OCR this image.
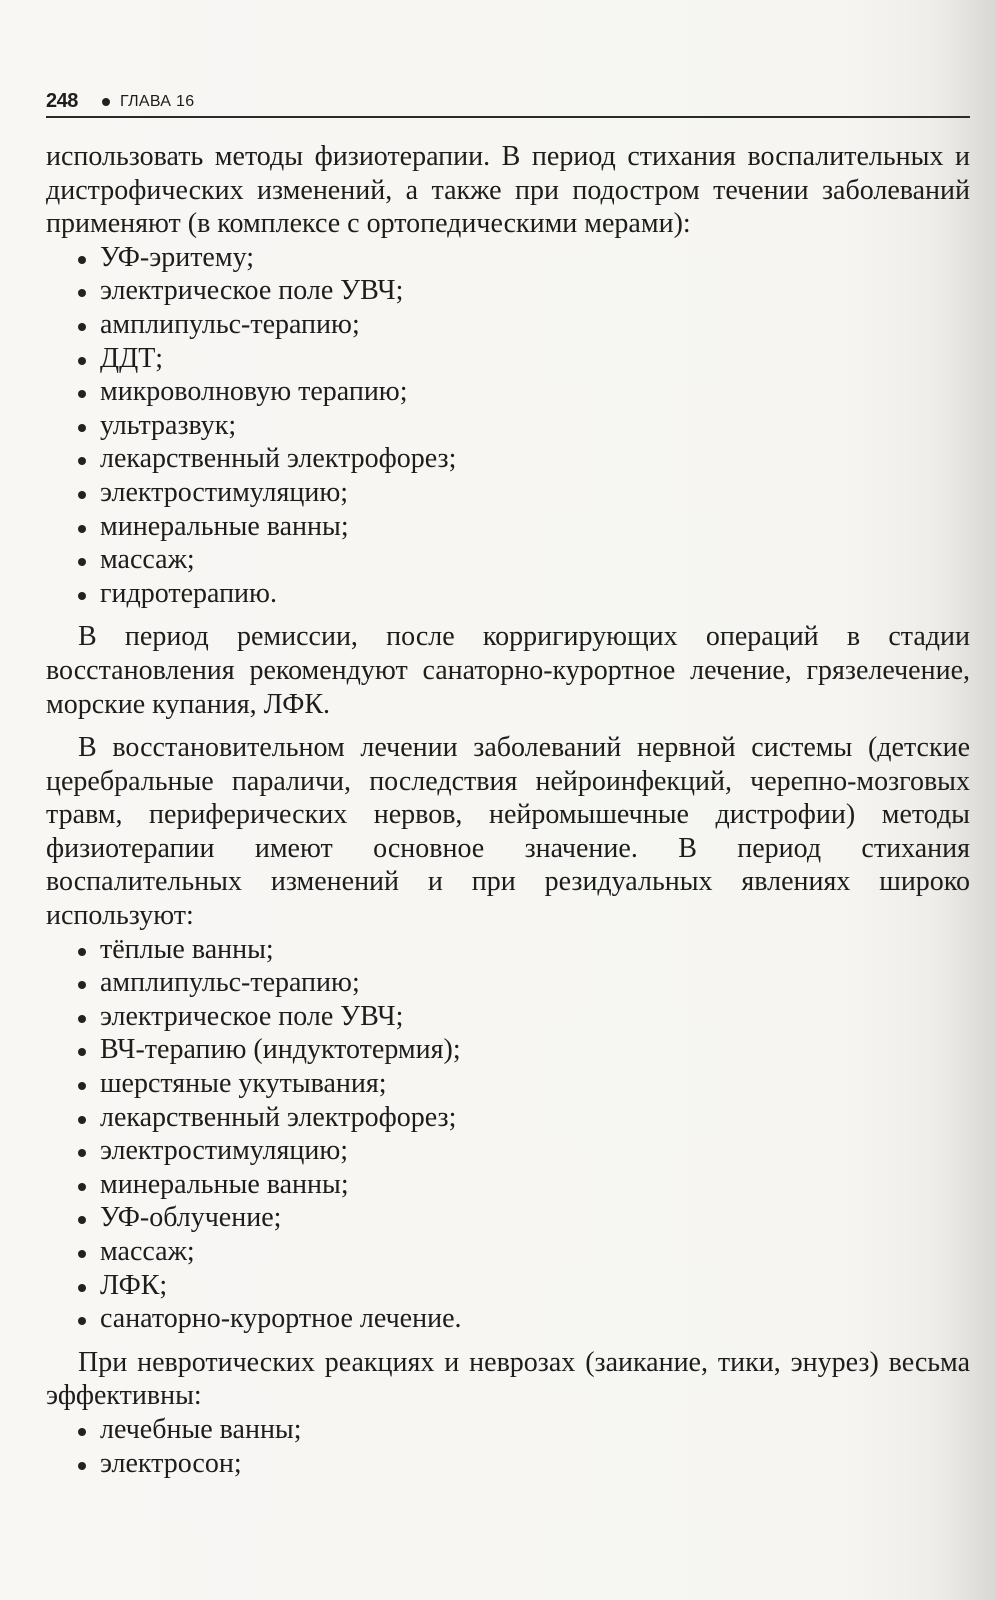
248	ГЛАВА 16

использовать методы физиотерапии. В период стихания воспалительных и дистрофических изменений, а также при подостром течении заболеваний применяют (в комплексе с ортопедическими мерами):

УФ-эритему;
электрическое поле УВЧ;
амплипульс-терапию;
ДДТ;
микроволновую терапию;
ультразвук;
лекарственный электрофорез;
электростимуляцию;
минеральные ванны;
массаж;
гидротерапию.

В период ремиссии, после корригирующих операций в стадии восстановления рекомендуют санаторно-курортное лечение, грязелечение, морские купания, ЛФК.

В восстановительном лечении заболеваний нервной системы (детские церебральные параличи, последствия нейроинфекций, черепно-мозговых травм, периферических нервов, нейромышечные дистрофии) методы физиотерапии имеют основное значение. В период стихания воспалительных изменений и при резидуальных явлениях широко используют:

тёплые ванны;
амплипульс-терапию;
электрическое поле УВЧ;
ВЧ-терапию (индуктотермия);
шерстяные укутывания;
лекарственный электрофорез;
электростимуляцию;
минеральные ванны;
УФ-облучение;
массаж;
ЛФК;
санаторно-курортное лечение.

При невротических реакциях и неврозах (заикание, тики, энурез) весьма эффективны:

лечебные ванны;
электросон;
